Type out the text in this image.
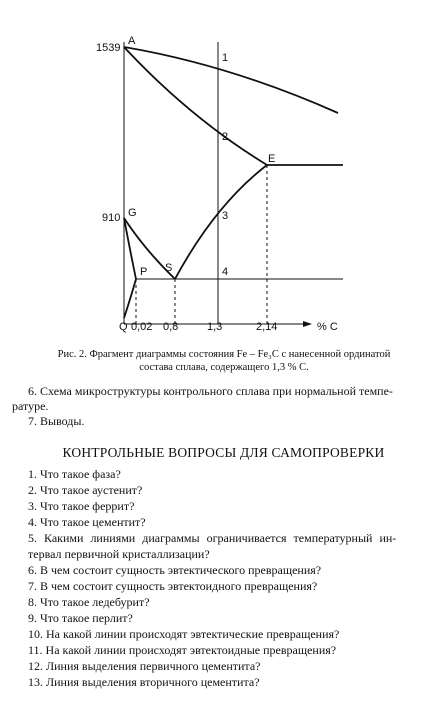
A
G
S
P
E
Q
1539
910
1
2
3
4
0,02 0,8	1,3	2,14	% С
Рис. 2. Фрагмент диаграммы состояния Fe – Fe₃C с нанесенной ординатой
состава сплава, содержащего 1,3 % С.
6. Схема микроструктуры контрольного сплава при нормальной темпе-
ратуре.
7. Выводы.
КОНТРОЛЬНЫЕ ВОПРОСЫ ДЛЯ САМОПРОВЕРКИ
1. Что такое фаза?
2. Что такое аустенит?
3. Что такое феррит?
4. Что такое цементит?
5. Какими линиями диаграммы ограничивается температурный ин-
тервал первичной кристаллизации?
6. В чем состоит сущность эвтектического превращения?
7. В чем состоит сущность эвтектоидного превращения?
8. Что такое ледебурит?
9. Что такое перлит?
10. На какой линии происходят эвтектические превращения?
11. На какой линии происходят эвтектоидные превращения?
12. Линия выделения первичного цементита?
13. Линия выделения вторичного цементита?
